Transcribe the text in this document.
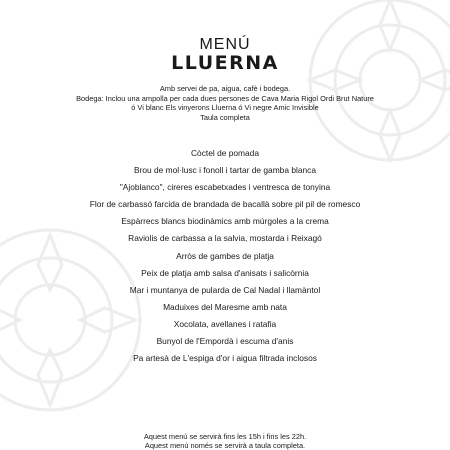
MENÚ
LLUERNA
Amb servei de pa, aigua, cafè i bodega.
Bodega: Inclou una ampolla per cada dues persones de Cava Maria Rigol Ordi Brut Nature
ó Vi blanc Els vinyerons Lluerna ó Vi negre Amic Invisible
Taula completa
Còctel de pomada
Brou de mol·lusc i fonoll i tartar de gamba blanca
"Ajoblanco", cireres escabetxades i ventresca de tonyina
Flor de carbassó farcida de brandada de bacallà sobre pil pil de romesco
Espàrrecs blancs biodinàmics amb múrgoles a la crema
Raviolis de carbassa a la salvia, mostarda i Reixagó
Arròs de gambes de platja
Peix de platja amb salsa d'anisats i salicòrnia
Mar i muntanya de pularda de Cal Nadal i llamàntol
Maduixes del Maresme amb nata
Xocolata, avellanes i ratafia
Bunyol de l'Empordà i escuma d'anis
Pa artesà de L'espiga d'or i aigua filtrada inclosos
Aquest menú se servirà fins les 15h i fins les 22h.
Aquest menú només se servirà a taula completa.
